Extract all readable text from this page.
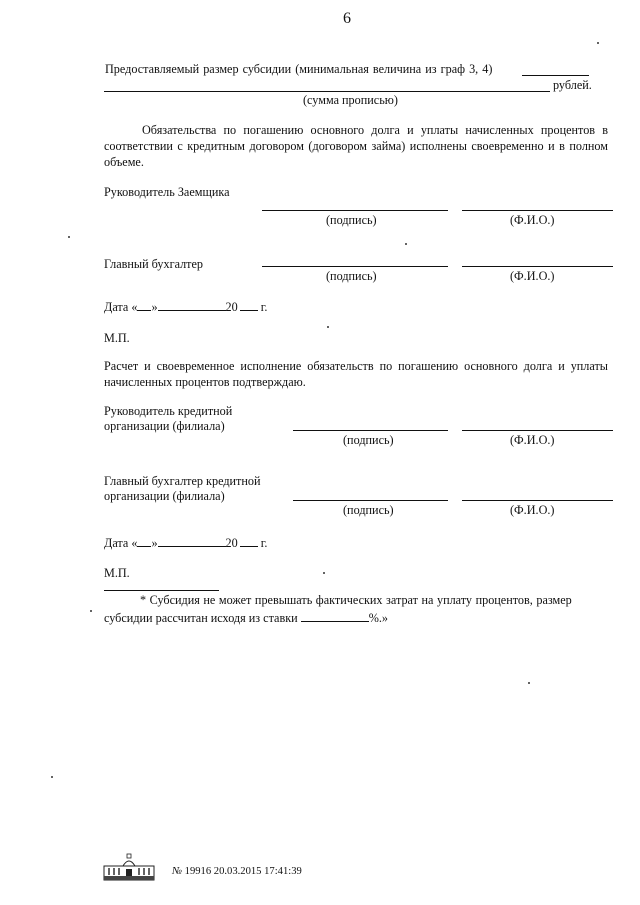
6
Предоставляемый размер субсидии (минимальная величина из граф 3, 4)
рублей.
(сумма прописью)
Обязательства по погашению основного долга и уплаты начисленных процентов в соответствии с кредитным договором (договором займа) исполнены своевременно и в полном объеме.
Руководитель Заемщика
(подпись)	(Ф.И.О.)
Главный бухгалтер
(подпись)	(Ф.И.О.)
Дата « »	20 г.
М.П.
Расчет и своевременное исполнение обязательств по погашению основного долга и уплаты начисленных процентов подтверждаю.
Руководитель кредитной
организации (филиала)
(подпись)	(Ф.И.О.)
Главный бухгалтер кредитной
организации (филиала)
(подпись)	(Ф.И.О.)
Дата « »	20 г.
М.П.
* Субсидия не может превышать фактических затрат на уплату процентов, размер
субсидии рассчитан исходя из ставки	%.»
№ 19916 20.03.2015 17:41:39
